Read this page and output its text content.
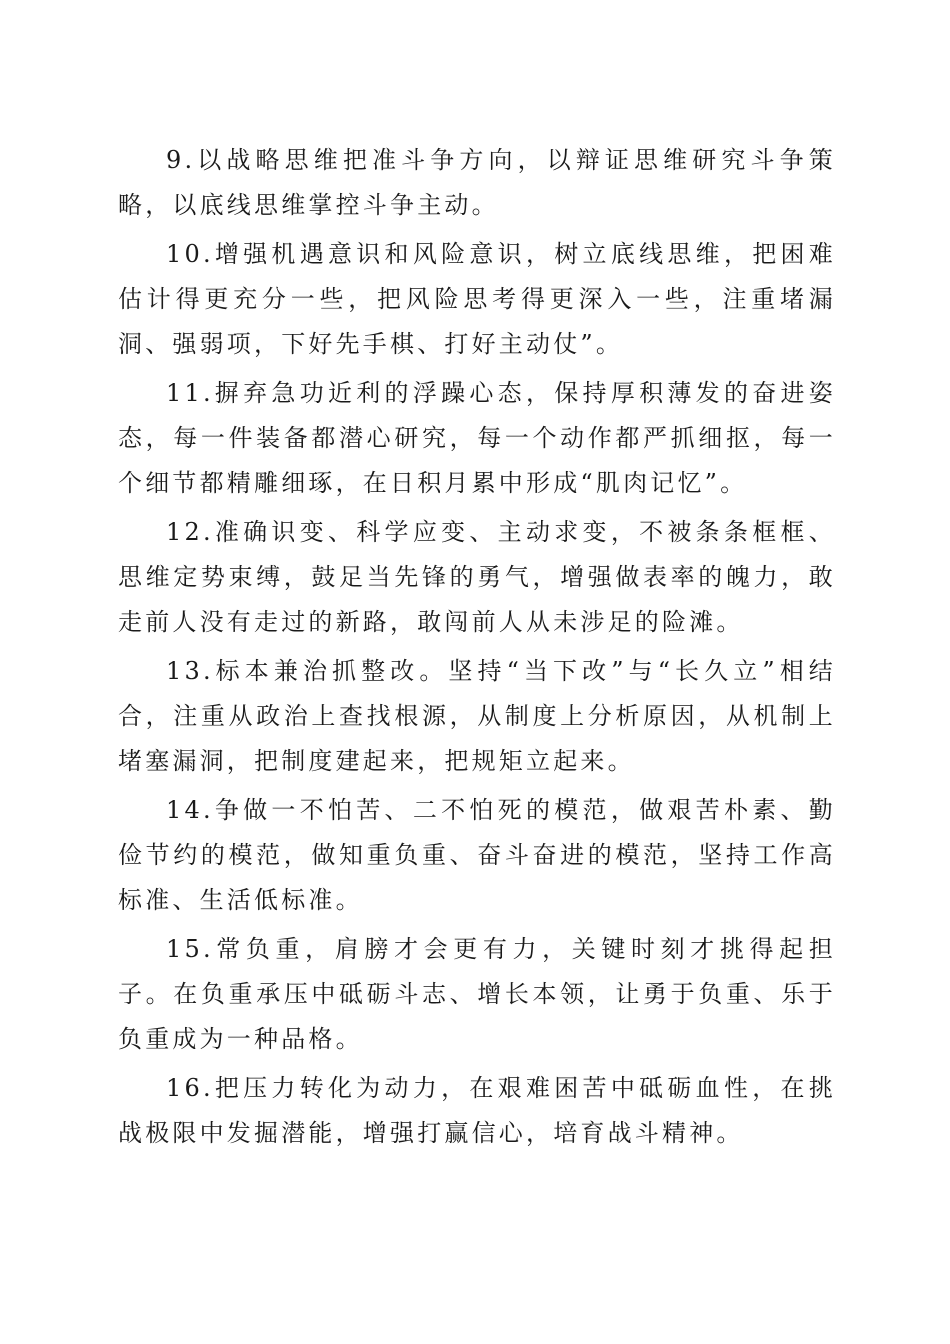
9.以战略思维把准斗争方向，以辩证思维研究斗争策略，以底线思维掌控斗争主动。

10.增强机遇意识和风险意识，树立底线思维，把困难估计得更充分一些，把风险思考得更深入一些，注重堵漏洞、强弱项，下好先手棋、打好主动仗”。

11.摒弃急功近利的浮躁心态，保持厚积薄发的奋进姿态，每一件装备都潜心研究，每一个动作都严抓细抠，每一个细节都精雕细琢，在日积月累中形成“肌肉记忆”。

12.准确识变、科学应变、主动求变，不被条条框框、思维定势束缚，鼓足当先锋的勇气，增强做表率的魄力，敢走前人没有走过的新路，敢闯前人从未涉足的险滩。

13.标本兼治抓整改。坚持“当下改”与“长久立”相结合，注重从政治上查找根源，从制度上分析原因，从机制上堵塞漏洞，把制度建起来，把规矩立起来。

14.争做一不怕苦、二不怕死的模范，做艰苦朴素、勤俭节约的模范，做知重负重、奋斗奋进的模范，坚持工作高标准、生活低标准。

15.常负重，肩膀才会更有力，关键时刻才挑得起担子。在负重承压中砥砺斗志、增长本领，让勇于负重、乐于负重成为一种品格。

16.把压力转化为动力，在艰难困苦中砥砺血性，在挑战极限中发掘潜能，增强打赢信心，培育战斗精神。
